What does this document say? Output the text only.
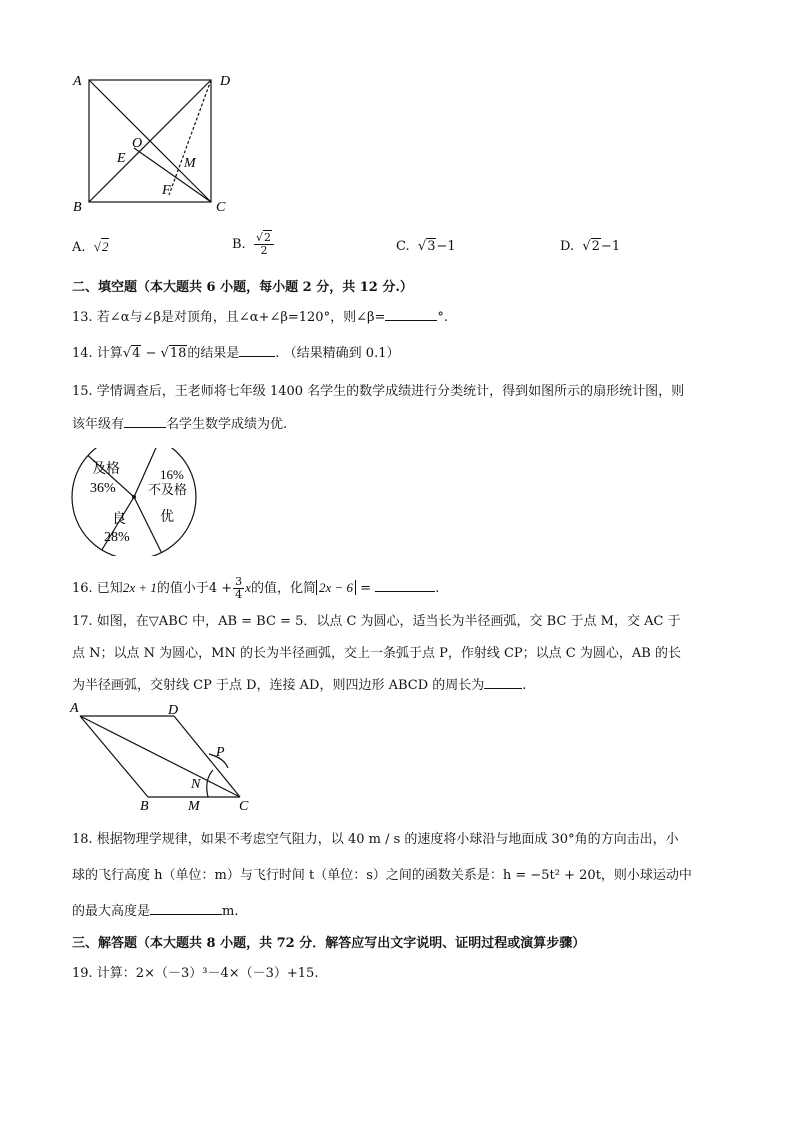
A	D
B	C
O
E	M
F
A. √2	B. $\frac{√2}{2}$	C. √3−1	D. √2−1
二、填空题（本大题共 6 小题，每小题 2 分，共 12 分.）
13. 若∠α与∠β是对顶角，且∠α+∠β=120°，则∠β=	°.
14. 计算√4 − √18的结果是	. （结果精确到 0.1）
15. 学情调查后，王老师将七年级 1400 名学生的数学成绩进行分类统计，得到如图所示的扇形统计图，则
该年级有	名学生数学成绩为优.
及格
36%
16%
不及格
良
28%
优
16. 已知2x + 1的值小于$4 + \frac{3}{4}$ x的值，化简 2x − 6 =	.
17. 如图，在▽ABC 中，AB = BC = 5．以点 C 为圆心，适当长为半径画弧，交 BC 于点 M，交 AC 于
点 N；以点 N 为圆心，MN 的长为半径画弧，交上一条弧于点 P，作射线 CP；以点 C 为圆心，AB 的长
为半径画弧，交射线 CP 于点 D，连接 AD，则四边形 ABCD 的周长为	.
A	D
P
N
B	M	C
18. 根据物理学规律，如果不考虑空气阻力，以 40 m / s 的速度将小球沿与地面成 30°角的方向击出，小
球的飞行高度 h（单位：m）与飞行时间 t（单位：s）之间的函数关系是：h = −5t² + 20t，则小球运动中
的最大高度是	m.
三、解答题（本大题共 8 小题，共 72 分．解答应写出文字说明、证明过程或演算步骤）
19. 计算：2×（－3）³－4×（－3）+15.
